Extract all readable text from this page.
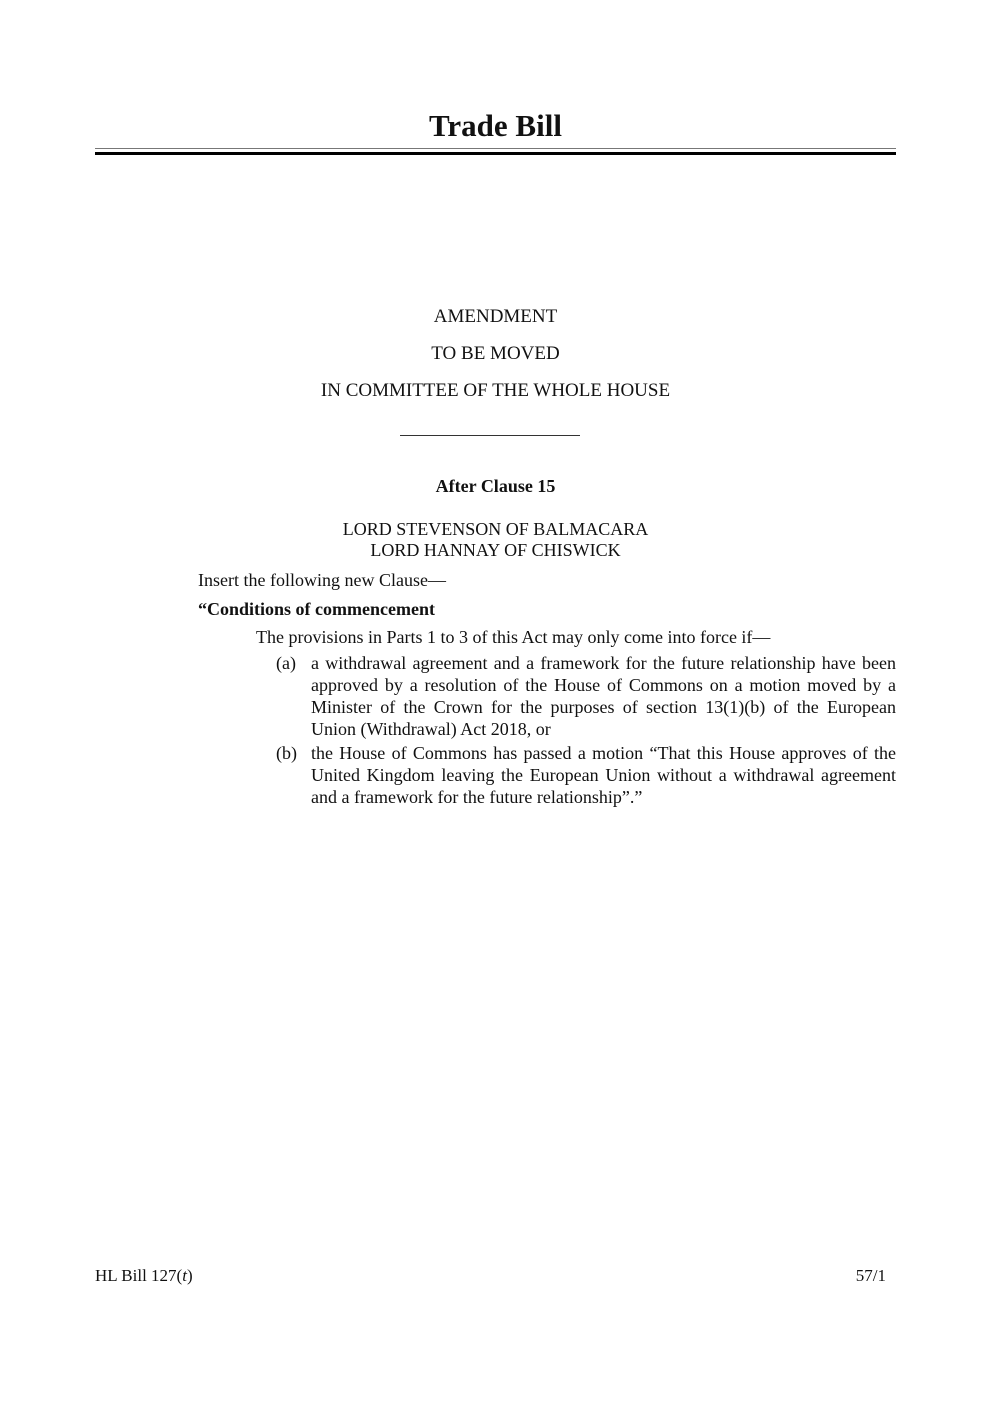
Trade Bill
AMENDMENT
TO BE MOVED
IN COMMITTEE OF THE WHOLE HOUSE
After Clause 15
LORD STEVENSON OF BALMACARA
LORD HANNAY OF CHISWICK
Insert the following new Clause—
“Conditions of commencement
The provisions in Parts 1 to 3 of this Act may only come into force if—
(a) a withdrawal agreement and a framework for the future relationship have been approved by a resolution of the House of Commons on a motion moved by a Minister of the Crown for the purposes of section 13(1)(b) of the European Union (Withdrawal) Act 2018, or
(b) the House of Commons has passed a motion “That this House approves of the United Kingdom leaving the European Union without a withdrawal agreement and a framework for the future relationship”.”
HL Bill 127(t)	57/1
